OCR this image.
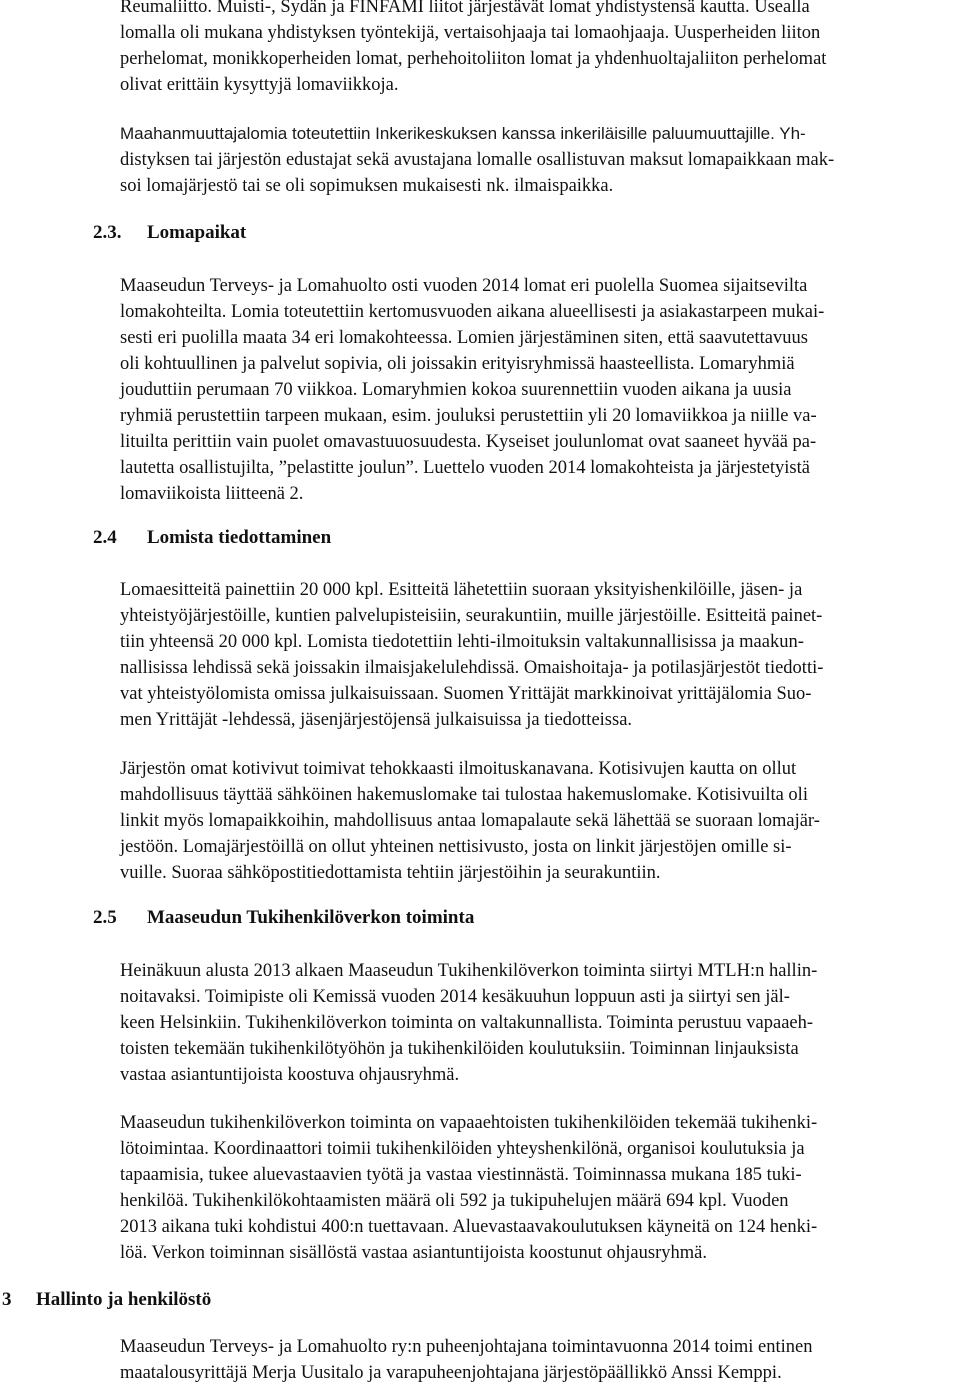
Reumaliitto. Muisti-, Sydän ja FINFAMI liitot järjestävät lomat yhdistystensä kautta. Usealla
lomalla oli mukana yhdistyksen työntekijä, vertaisohjaaja tai lomaohjaaja. Uusperheiden liiton
perhelomat, monikkoperheiden lomat, perhehoitoliiton lomat ja yhdenhuoltajaliiton perhelomat
olivat erittäin kysyttyjä lomaviikkoja.
Maahanmuuttajalomia toteutettiin Inkerikeskuksen kanssa inkeriläisille paluumuuttajille. Yh-
distyksen tai järjestön edustajat sekä avustajana lomalle osallistuvan maksut lomapaikkaan mak-
soi lomajärjestö tai se oli sopimuksen mukaisesti nk. ilmaispaikka.
2.3. Lomapaikat
Maaseudun Terveys- ja Lomahuolto osti vuoden 2014 lomat eri puolella Suomea sijaitsevilta
lomakohteilta. Lomia toteutettiin kertomusvuoden aikana alueellisesti ja asiakastarpeen mukai-
sesti eri puolilla maata 34 eri lomakohteessa. Lomien järjestäminen siten, että saavutettavuus
oli kohtuullinen ja palvelut sopivia, oli joissakin erityisryhmissä haasteellista. Lomaryhmiä
jouduttiin perumaan 70 viikkoa. Lomaryhmien kokoa suurennettiin vuoden aikana ja uusia
ryhmiä perustettiin tarpeen mukaan, esim. jouluksi perustettiin yli 20 lomaviikkoa ja niille va-
lituilta perittiin vain puolet omavastuuosuudesta. Kyseiset joulunlomat ovat saaneet hyvää pa-
lautetta osallistujilta, ”pelastitte joulun”. Luettelo vuoden 2014 lomakohteista ja järjestetyistä
lomaviikoista liitteenä 2.
2.4 Lomista tiedottaminen
Lomaesitteitä painettiin 20 000 kpl. Esitteitä lähetettiin suoraan yksityishenkilöille, jäsen- ja
yhteistyöjärjestöille, kuntien palvelupisteisiin, seurakuntiin, muille järjestöille. Esitteitä painet-
tiin yhteensä 20 000 kpl. Lomista tiedotettiin lehti-ilmoituksin valtakunnallisissa ja maakun-
nallisissa lehdissä sekä joissakin ilmaisjakelulehdissä. Omaishoitaja- ja potilasjärjestöt tiedotti-
vat yhteistyölomista omissa julkaisuissaan. Suomen Yrittäjät markkinoivat yrittäjälomia Suo-
men Yrittäjät -lehdessä, jäsenjärjestöjensä julkaisuissa ja tiedotteissa.
Järjestön omat kotivivut toimivat tehokkaasti ilmoituskanavana. Kotisivujen kautta on ollut
mahdollisuus täyttää sähköinen hakemuslomake tai tulostaa hakemuslomake. Kotisivuilta oli
linkit myös lomapaikkoihin, mahdollisuus antaa lomapalaute sekä lähettää se suoraan lomajär-
jestöön. Lomajärjestöillä on ollut yhteinen nettisivusto, josta on linkit järjestöjen omille si-
vuille. Suoraa sähköpostitiedottamista tehtiin järjestöihin ja seurakuntiin.
2.5 Maaseudun Tukihenkilöverkon toiminta
Heinäkuun alusta 2013 alkaen Maaseudun Tukihenkilöverkon toiminta siirtyi MTLH:n hallin-
noitavaksi. Toimipiste oli Kemissä vuoden 2014 kesäkuuhun loppuun asti ja siirtyi sen jäl-
keen Helsinkiin. Tukihenkilöverkon toiminta on valtakunnallista. Toiminta perustuu vapaaeh-
toisten tekemään tukihenkilötyöhön ja tukihenkilöiden koulutuksiin. Toiminnan linjauksista
vastaa asiantuntijoista koostuva ohjausryhmä.
Maaseudun tukihenkilöverkon toiminta on vapaaehtoisten tukihenkilöiden tekemää tukihenki-
lötoimintaa. Koordinaattori toimii tukihenkilöiden yhteyshenkilönä, organisoi koulutuksia ja
tapaamisia, tukee aluevastaavien työtä ja vastaa viestinnästä. Toiminnassa mukana 185 tuki-
henkilöä. Tukihenkilökohtaamisten määrä oli 592 ja tukipuhelujen määrä 694 kpl. Vuoden
2013 aikana tuki kohdistui 400:n tuettavaan. Aluevastaavakoulutuksen käyneitä on 124 henki-
löä. Verkon toiminnan sisällöstä vastaa asiantuntijoista koostunut ohjausryhmä.
3 Hallinto ja henkilöstö
Maaseudun Terveys- ja Lomahuolto ry:n puheenjohtajana toimintavuonna 2014 toimi entinen
maatalousyrittäjä Merja Uusitalo ja varapuheenjohtajana järjestöpäällikkö Anssi Kemppi.
